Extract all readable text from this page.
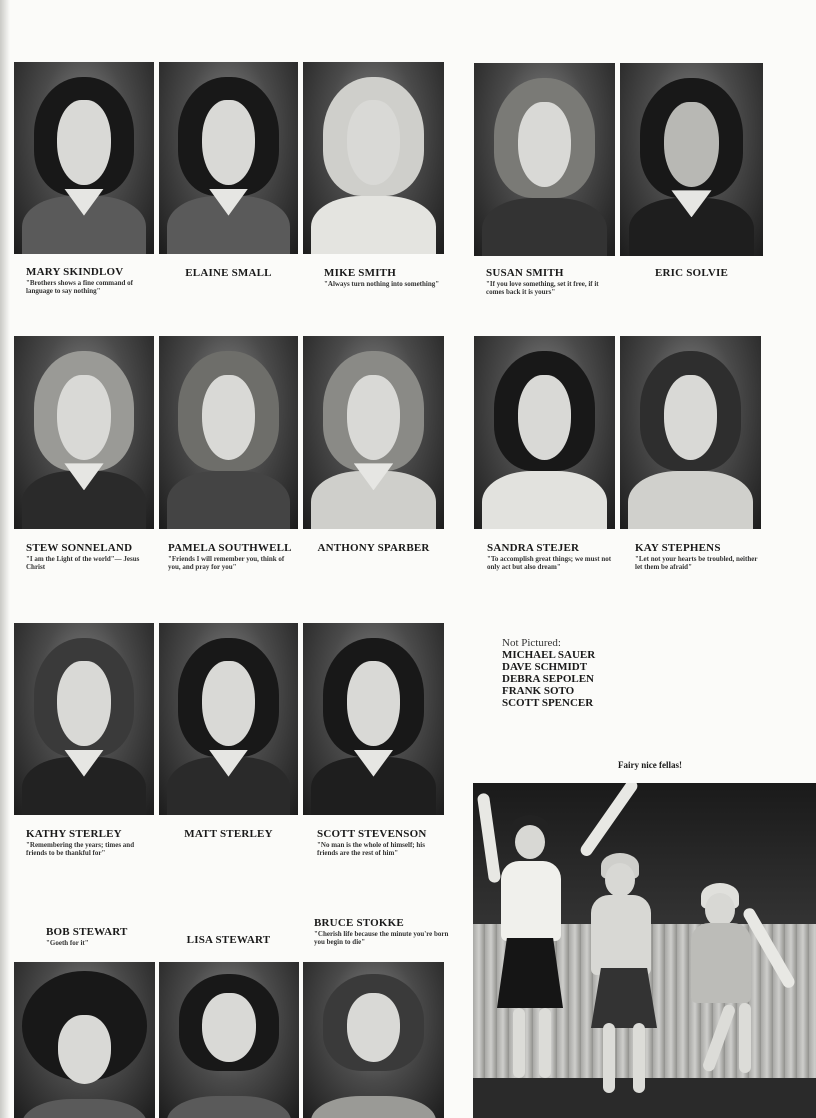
MARY SKINDLOV
"Brothers shows a fine command of language to say nothing"
ELAINE SMALL	MIKE SMITH
"Always turn nothing into something"
SUSAN SMITH
"If you love something, set it free, if it comes back it is yours"
ERIC SOLVIE
STEW SONNELAND
"I am the Light of the world"— Jesus Christ
PAMELA SOUTHWELL
"Friends I will remember you, think of you, and pray for you"
ANTHONY SPARBER	SANDRA STEJER
"To accomplish great things; we must not only act but also dream"
KAY STEPHENS
"Let not your hearts be troubled, neither let them be afraid"
KATHY STERLEY
"Remembering the years; times and friends to be thankful for"
MATT STERLEY	SCOTT STEVENSON
"No man is the whole of himself; his friends are the rest of him"
Not Pictured:
MICHAEL SAUER
DAVE SCHMIDT
DEBRA SEPOLEN
FRANK SOTO
SCOTT SPENCER
Fairy nice fellas!
BOB STEWART
"Goeth for it"	LISA STEWART
BRUCE STOKKE
"Cherish life because the minute you're born you begin to die"
